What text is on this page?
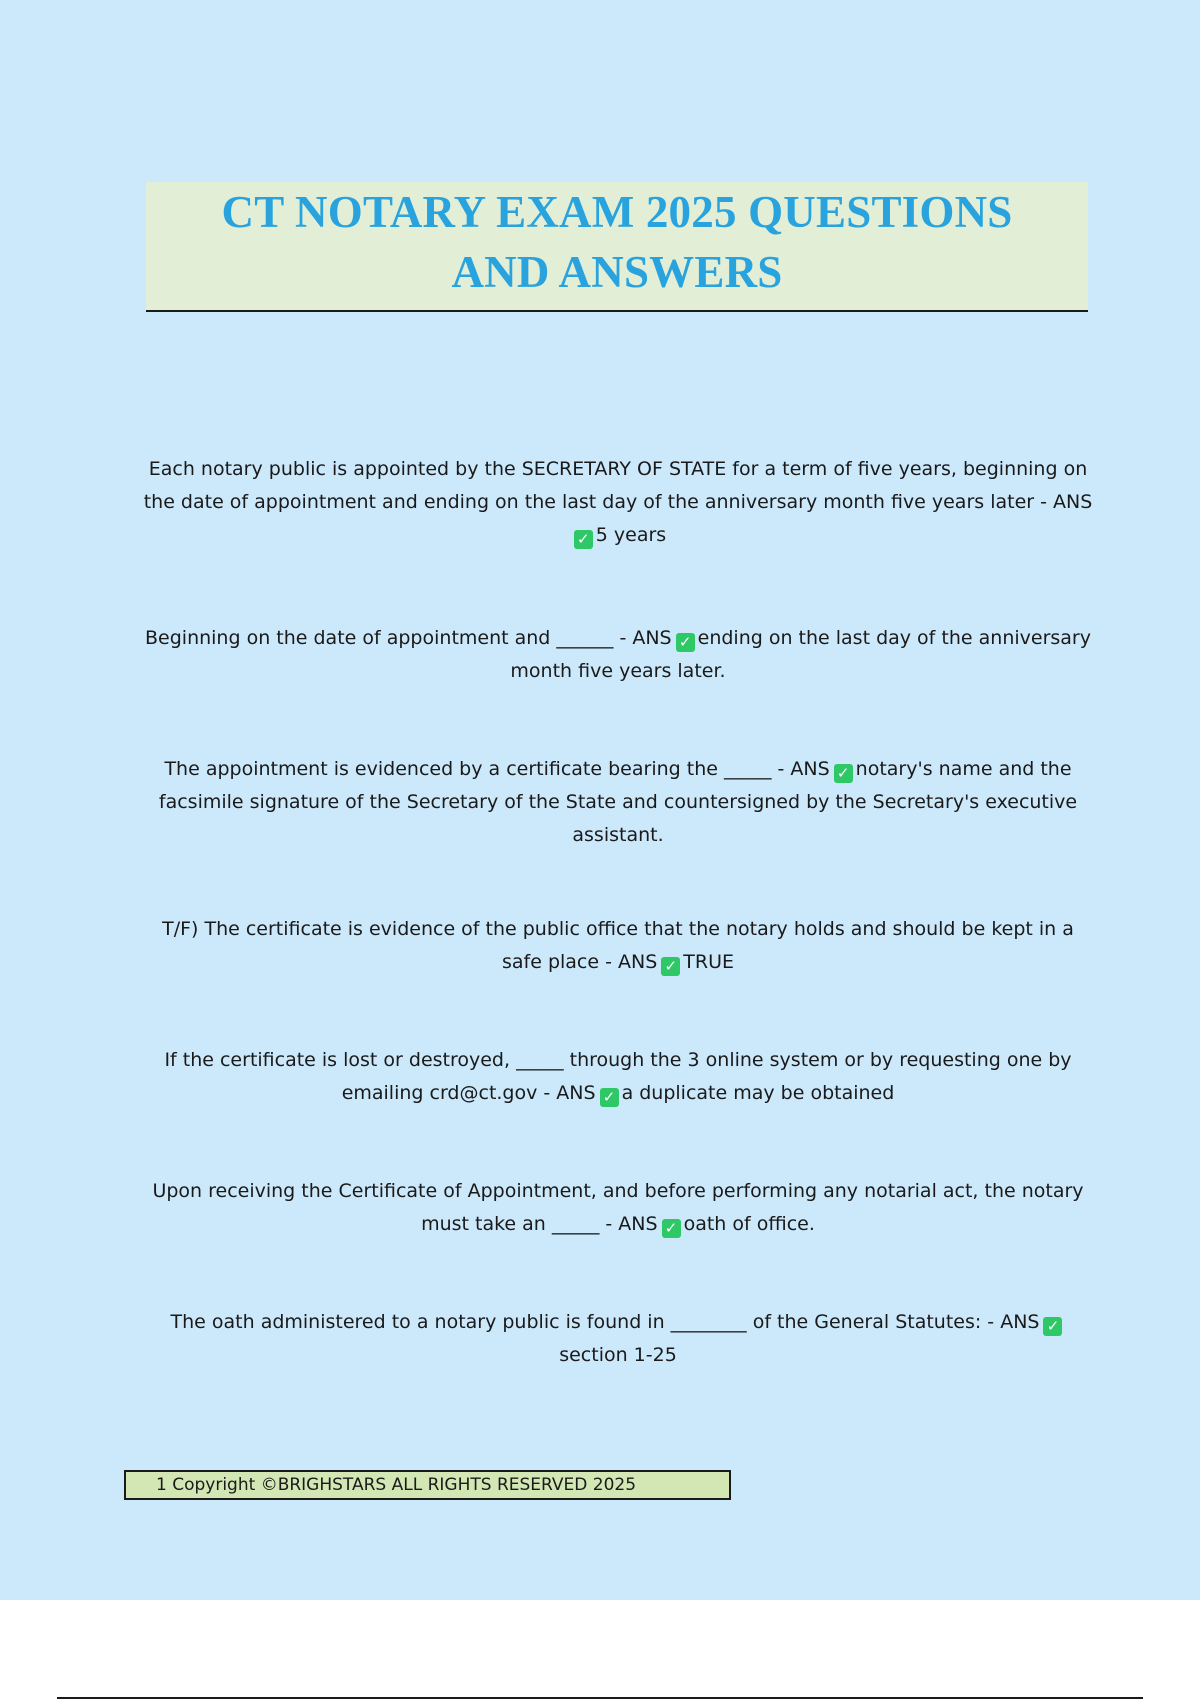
CT NOTARY EXAM 2025 QUESTIONS
AND ANSWERS
Each notary public is appointed by the SECRETARY OF STATE for a term of five years, beginning on the date of appointment and ending on the last day of the anniversary month five years later - ANS✓ 5 years
Beginning on the date of appointment and ______ - ANS ✓ ending on the last day of the anniversary month five years later.
The appointment is evidenced by a certificate bearing the _____ - ANS ✓ notary's name and the facsimile signature of the Secretary of the State and countersigned by the Secretary's executive assistant.
T/F) The certificate is evidence of the public office that the notary holds and should be kept in a safe place - ANS ✓ TRUE
If the certificate is lost or destroyed, _____ through the 3 online system or by requesting one by emailing crd@ct.gov - ANS ✓ a duplicate may be obtained
Upon receiving the Certificate of Appointment, and before performing any notarial act, the notary must take an _____ - ANS ✓ oath of office.
The oath administered to a notary public is found in ________ of the General Statutes: - ANS ✓section 1-25
1 Copyright ©BRIGHSTARS ALL RIGHTS RESERVED 2025
